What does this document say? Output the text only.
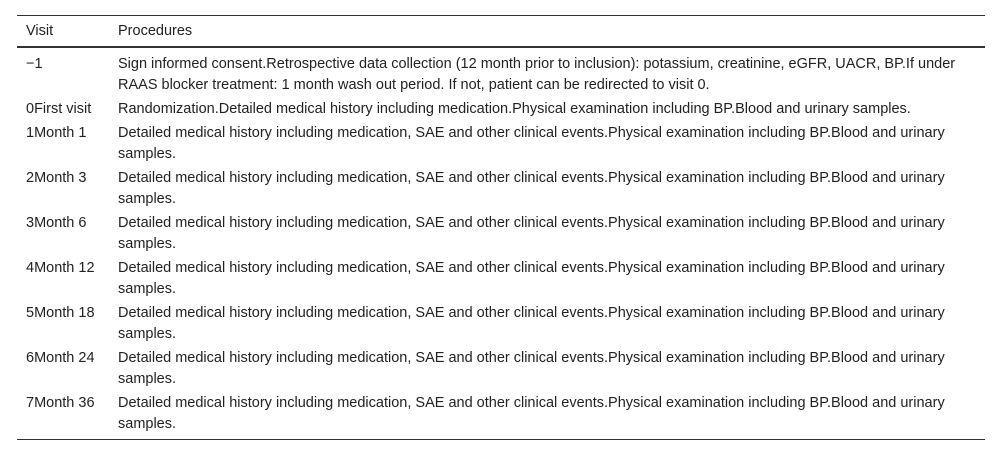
Visit	Procedures
−1	Sign informed consent.Retrospective data collection (12 month prior to inclusion): potassium, creatinine, eGFR, UACR, BP.If under RAAS blocker treatment: 1 month wash out period. If not, patient can be redirected to visit 0.
0First visit	Randomization.Detailed medical history including medication.Physical examination including BP.Blood and urinary samples.
1Month 1	Detailed medical history including medication, SAE and other clinical events.Physical examination including BP.Blood and urinary samples.
2Month 3	Detailed medical history including medication, SAE and other clinical events.Physical examination including BP.Blood and urinary samples.
3Month 6	Detailed medical history including medication, SAE and other clinical events.Physical examination including BP.Blood and urinary samples.
4Month 12	Detailed medical history including medication, SAE and other clinical events.Physical examination including BP.Blood and urinary samples.
5Month 18	Detailed medical history including medication, SAE and other clinical events.Physical examination including BP.Blood and urinary samples.
6Month 24	Detailed medical history including medication, SAE and other clinical events.Physical examination including BP.Blood and urinary samples.
7Month 36	Detailed medical history including medication, SAE and other clinical events.Physical examination including BP.Blood and urinary samples.
